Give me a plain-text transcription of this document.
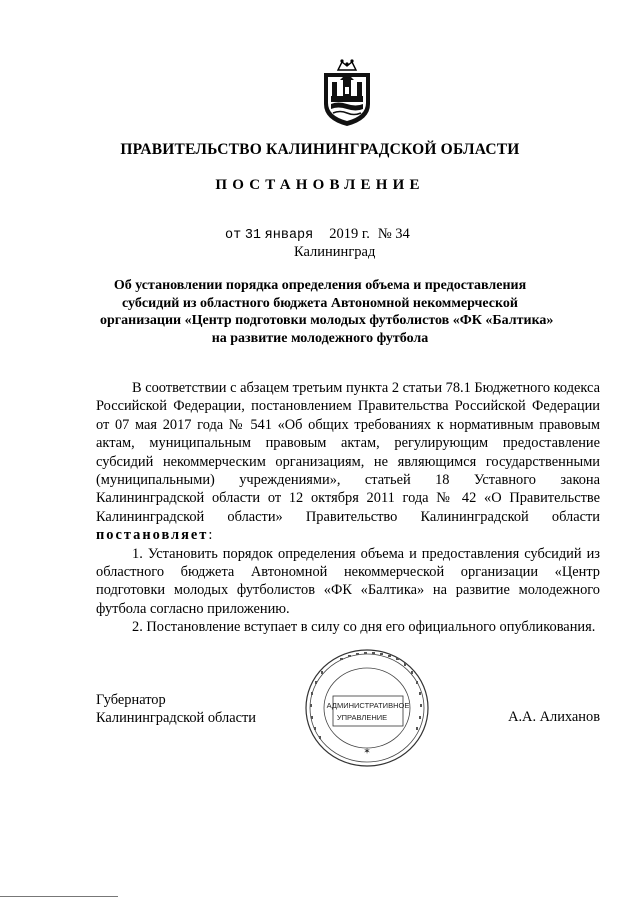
ПРАВИТЕЛЬСТВО КАЛИНИНГРАДСКОЙ ОБЛАСТИ
ПОСТАНОВЛЕНИЕ
от 31 января 2019 г. № 34
Калининград
Об установлении порядка определения объема и предоставления
субсидий из областного бюджета Автономной некоммерческой
организации «Центр подготовки молодых футболистов «ФК «Балтика»
на развитие молодежного футбола

В соответствии с абзацем третьим пункта 2 статьи 78.1 Бюджетного кодекса Российской Федерации, постановлением Правительства Российской Федерации от 07 мая 2017 года № 541 «Об общих требованиях к нормативным правовым актам, муниципальным правовым актам, регулирующим предоставление субсидий некоммерческим организациям, не являющимся государственными (муниципальными) учреждениями», статьей 18 Уставного закона Калининградской области от 12 октября 2011 года № 42 «О Правительстве Калининградской области» Правительство Калининградской области постановляет:

1. Установить порядок определения объема и предоставления субсидий из областного бюджета Автономной некоммерческой организации «Центр подготовки молодых футболистов «ФК «Балтика» на развитие молодежного футбола согласно приложению.

2. Постановление вступает в силу со дня его официального опубликования.

Губернатор
Калининградской области	А.А. Алиханов
АДМИНИСТРАТИВНОЕ
УПРАВЛЕНИЕ
✶
